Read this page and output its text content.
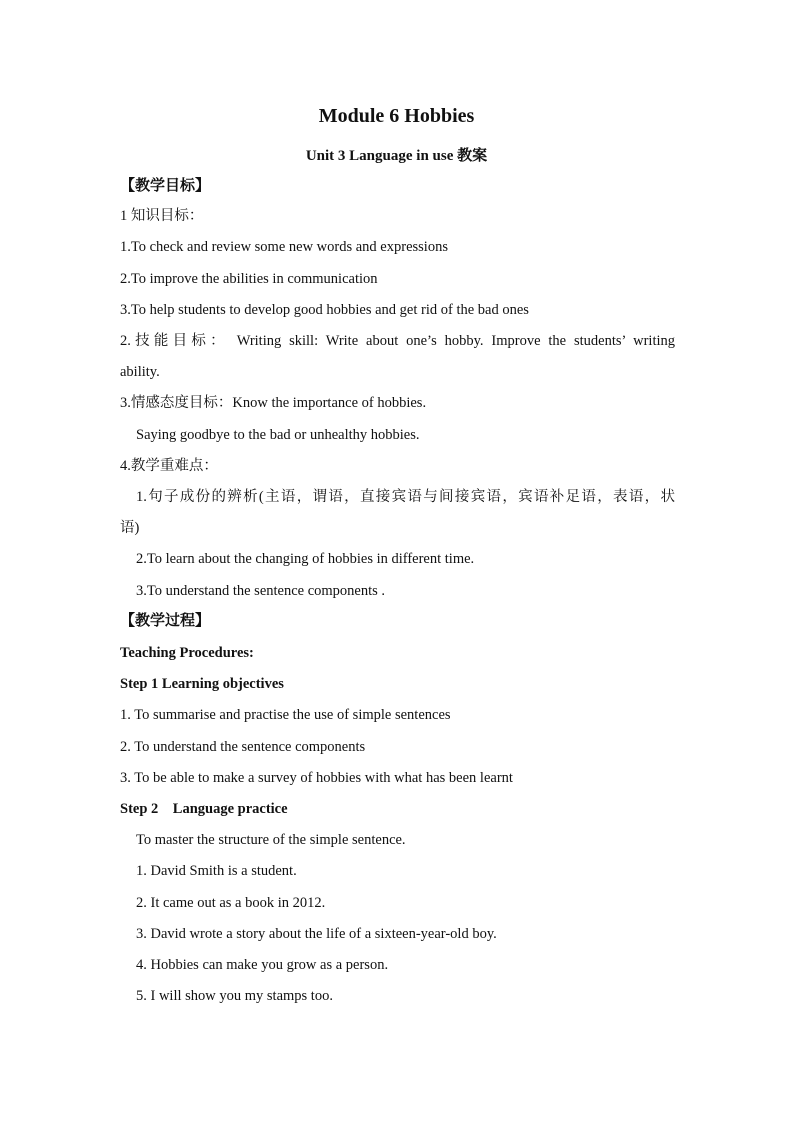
Module 6 Hobbies
Unit 3 Language in use 教案
【教学目标】
1 知识目标：
1.To check and review some new words and expressions
2.To improve the abilities in communication
3.To help students to develop good hobbies and get rid of the bad ones
2.技能目标： Writing skill: Write about one’s hobby. Improve the students’ writing
ability.
3.情感态度目标：Know the importance of hobbies.
Saying goodbye to the bad or unhealthy hobbies.
4.教学重难点：
1.句子成份的辨析(主语，谓语，直接宾语与间接宾语，宾语补足语，表语，状
语)
2.To learn about the changing of hobbies in different time.
3.To understand the sentence components .
【教学过程】
Teaching Procedures:
Step 1 Learning objectives
1. To summarise and practise the use of simple sentences
2. To understand the sentence components
3. To be able to make a survey of hobbies with what has been learnt
Step 2    Language practice
To master the structure of the simple sentence.
1. David Smith is a student.
2. It came out as a book in 2012.
3. David wrote a story about the life of a sixteen-year-old boy.
4. Hobbies can make you grow as a person.
5. I will show you my stamps too.
